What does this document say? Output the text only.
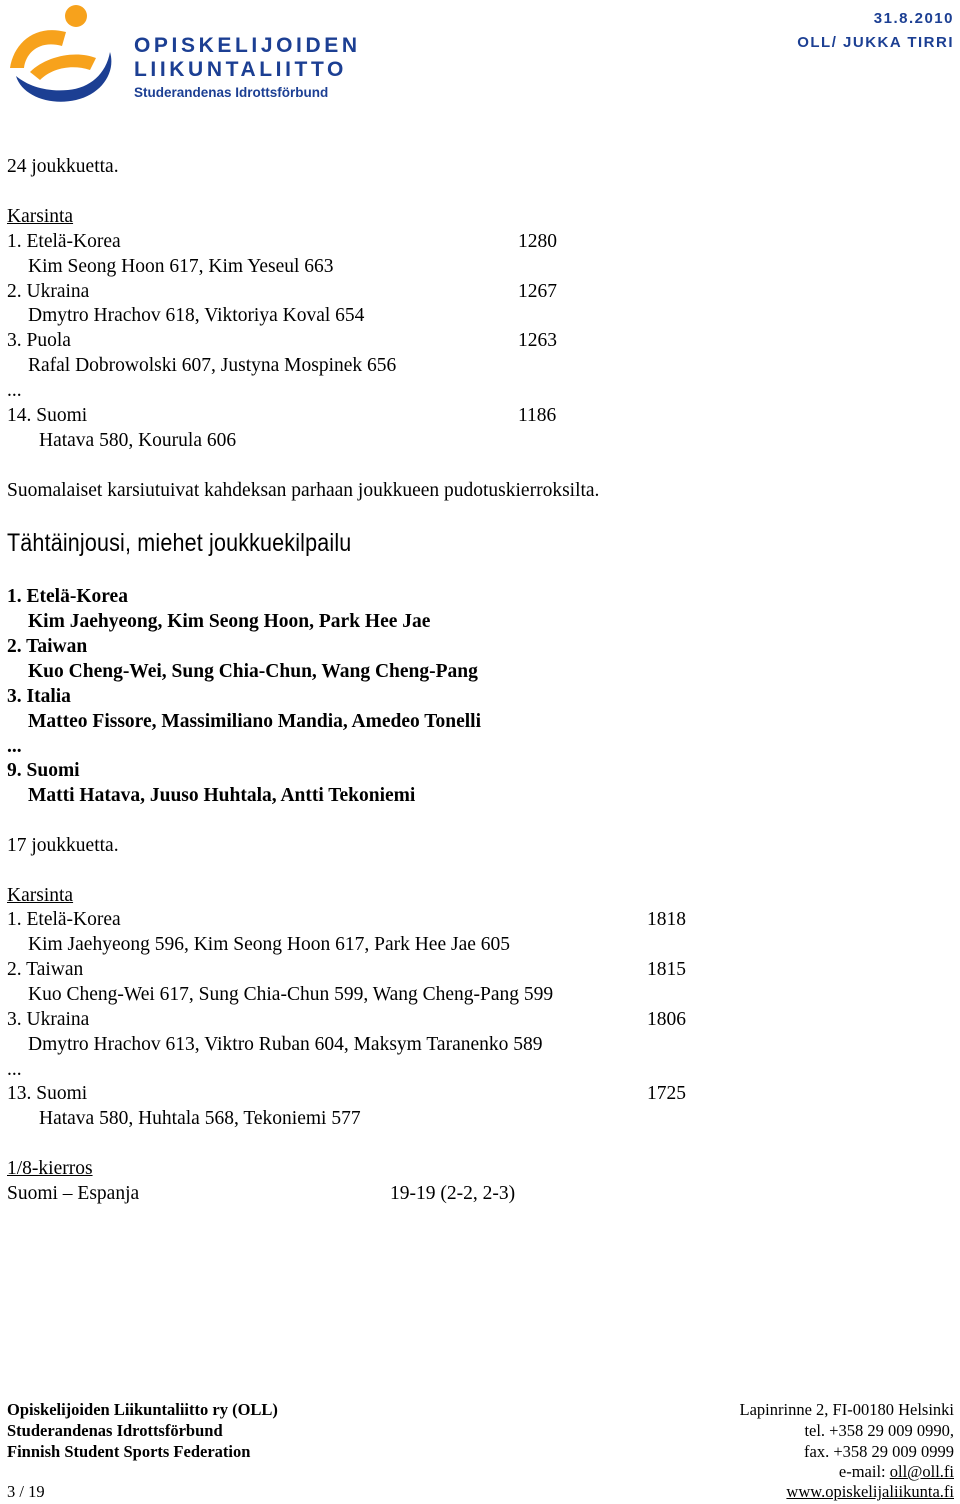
OPISKELIJOIDEN
LIIKUNTALIITTO
Studerandenas Idrottsförbund
31.8.2010
OLL/ JUKKA TIRRI
24 joukkuetta.
Karsinta
1. Etelä-Korea	1280
Kim Seong Hoon 617, Kim Yeseul 663
2. Ukraina	1267
Dmytro Hrachov 618, Viktoriya Koval 654
3. Puola	1263
Rafal Dobrowolski 607, Justyna Mospinek 656
...
14. Suomi	1186
Hatava 580, Kourula 606
Suomalaiset karsiutuivat kahdeksan parhaan joukkueen pudotuskierroksilta.
Tähtäinjousi, miehet joukkuekilpailu
1. Etelä-Korea
Kim Jaehyeong, Kim Seong Hoon, Park Hee Jae
2. Taiwan
Kuo Cheng-Wei, Sung Chia-Chun, Wang Cheng-Pang
3. Italia
Matteo Fissore, Massimiliano Mandia, Amedeo Tonelli
...
9. Suomi
Matti Hatava, Juuso Huhtala, Antti Tekoniemi
17 joukkuetta.
Karsinta
1. Etelä-Korea	1818
Kim Jaehyeong 596, Kim Seong Hoon 617, Park Hee Jae 605
2. Taiwan	1815
Kuo Cheng-Wei 617, Sung Chia-Chun 599, Wang Cheng-Pang 599
3. Ukraina	1806
Dmytro Hrachov 613, Viktro Ruban 604, Maksym Taranenko 589
...
13. Suomi	1725
Hatava 580, Huhtala 568, Tekoniemi 577
1/8-kierros
Suomi – Espanja	19-19 (2-2, 2-3)
Opiskelijoiden Liikuntaliitto ry (OLL)
Studerandenas Idrottsförbund
Finnish Student Sports Federation
3 / 19
Lapinrinne 2, FI-00180 Helsinki
tel. +358 29 009 0990,
fax. +358 29 009 0999
e-mail: oll@oll.fi
www.opiskelijaliikunta.fi
